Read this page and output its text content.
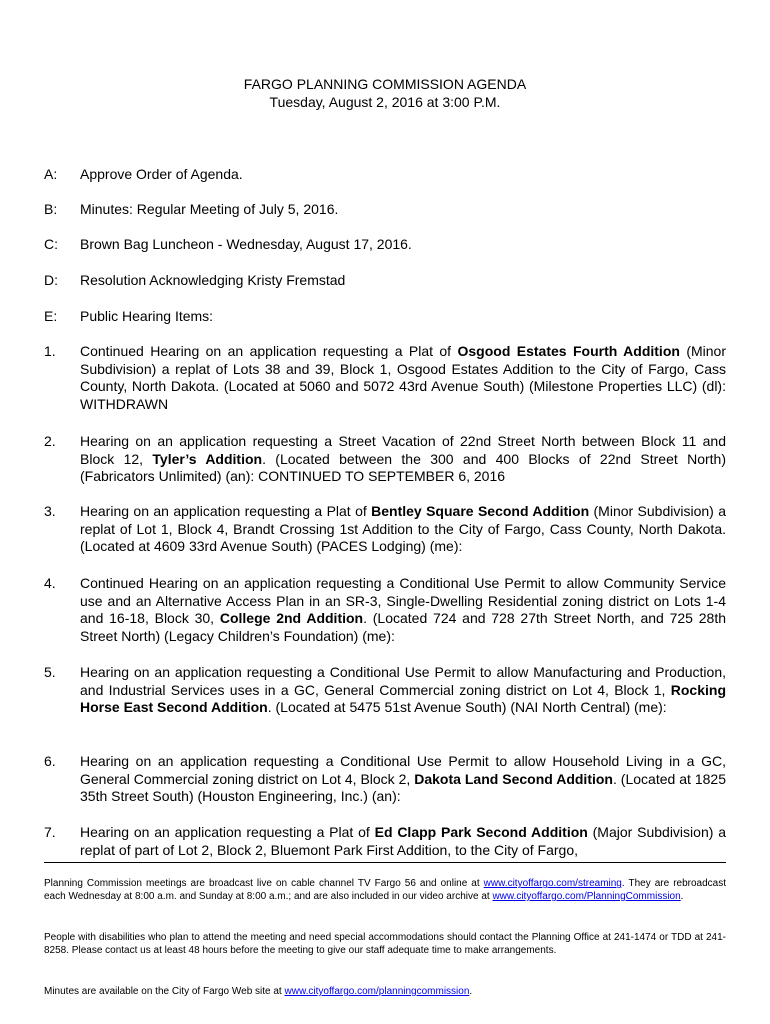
FARGO PLANNING COMMISSION AGENDA
Tuesday, August 2, 2016 at 3:00 P.M.
A: Approve Order of Agenda.
B: Minutes: Regular Meeting of July 5, 2016.
C: Brown Bag Luncheon - Wednesday, August 17, 2016.
D: Resolution Acknowledging Kristy Fremstad
E: Public Hearing Items:
1. Continued Hearing on an application requesting a Plat of Osgood Estates Fourth Addition (Minor Subdivision) a replat of Lots 38 and 39, Block 1, Osgood Estates Addition to the City of Fargo, Cass County, North Dakota. (Located at 5060 and 5072 43rd Avenue South) (Milestone Properties LLC) (dl): WITHDRAWN
2. Hearing on an application requesting a Street Vacation of 22nd Street North between Block 11 and Block 12, Tyler’s Addition. (Located between the 300 and 400 Blocks of 22nd Street North) (Fabricators Unlimited) (an): CONTINUED TO SEPTEMBER 6, 2016
3. Hearing on an application requesting a Plat of Bentley Square Second Addition (Minor Subdivision) a replat of Lot 1, Block 4, Brandt Crossing 1st Addition to the City of Fargo, Cass County, North Dakota. (Located at 4609 33rd Avenue South) (PACES Lodging) (me):
4. Continued Hearing on an application requesting a Conditional Use Permit to allow Community Service use and an Alternative Access Plan in an SR-3, Single-Dwelling Residential zoning district on Lots 1-4 and 16-18, Block 30, College 2nd Addition. (Located 724 and 728 27th Street North, and 725 28th Street North) (Legacy Children’s Foundation) (me):
5. Hearing on an application requesting a Conditional Use Permit to allow Manufacturing and Production, and Industrial Services uses in a GC, General Commercial zoning district on Lot 4, Block 1, Rocking Horse East Second Addition. (Located at 5475 51st Avenue South) (NAI North Central) (me):
6. Hearing on an application requesting a Conditional Use Permit to allow Household Living in a GC, General Commercial zoning district on Lot 4, Block 2, Dakota Land Second Addition. (Located at 1825 35th Street South) (Houston Engineering, Inc.) (an):
7. Hearing on an application requesting a Plat of Ed Clapp Park Second Addition (Major Subdivision) a replat of part of Lot 2, Block 2, Bluemont Park First Addition, to the City of Fargo,
Planning Commission meetings are broadcast live on cable channel TV Fargo 56 and online at www.cityoffargo.com/streaming. They are rebroadcast each Wednesday at 8:00 a.m. and Sunday at 8:00 a.m.; and are also included in our video archive at www.cityoffargo.com/PlanningCommission.
People with disabilities who plan to attend the meeting and need special accommodations should contact the Planning Office at 241-1474 or TDD at 241-8258. Please contact us at least 48 hours before the meeting to give our staff adequate time to make arrangements.
Minutes are available on the City of Fargo Web site at www.cityoffargo.com/planningcommission.
